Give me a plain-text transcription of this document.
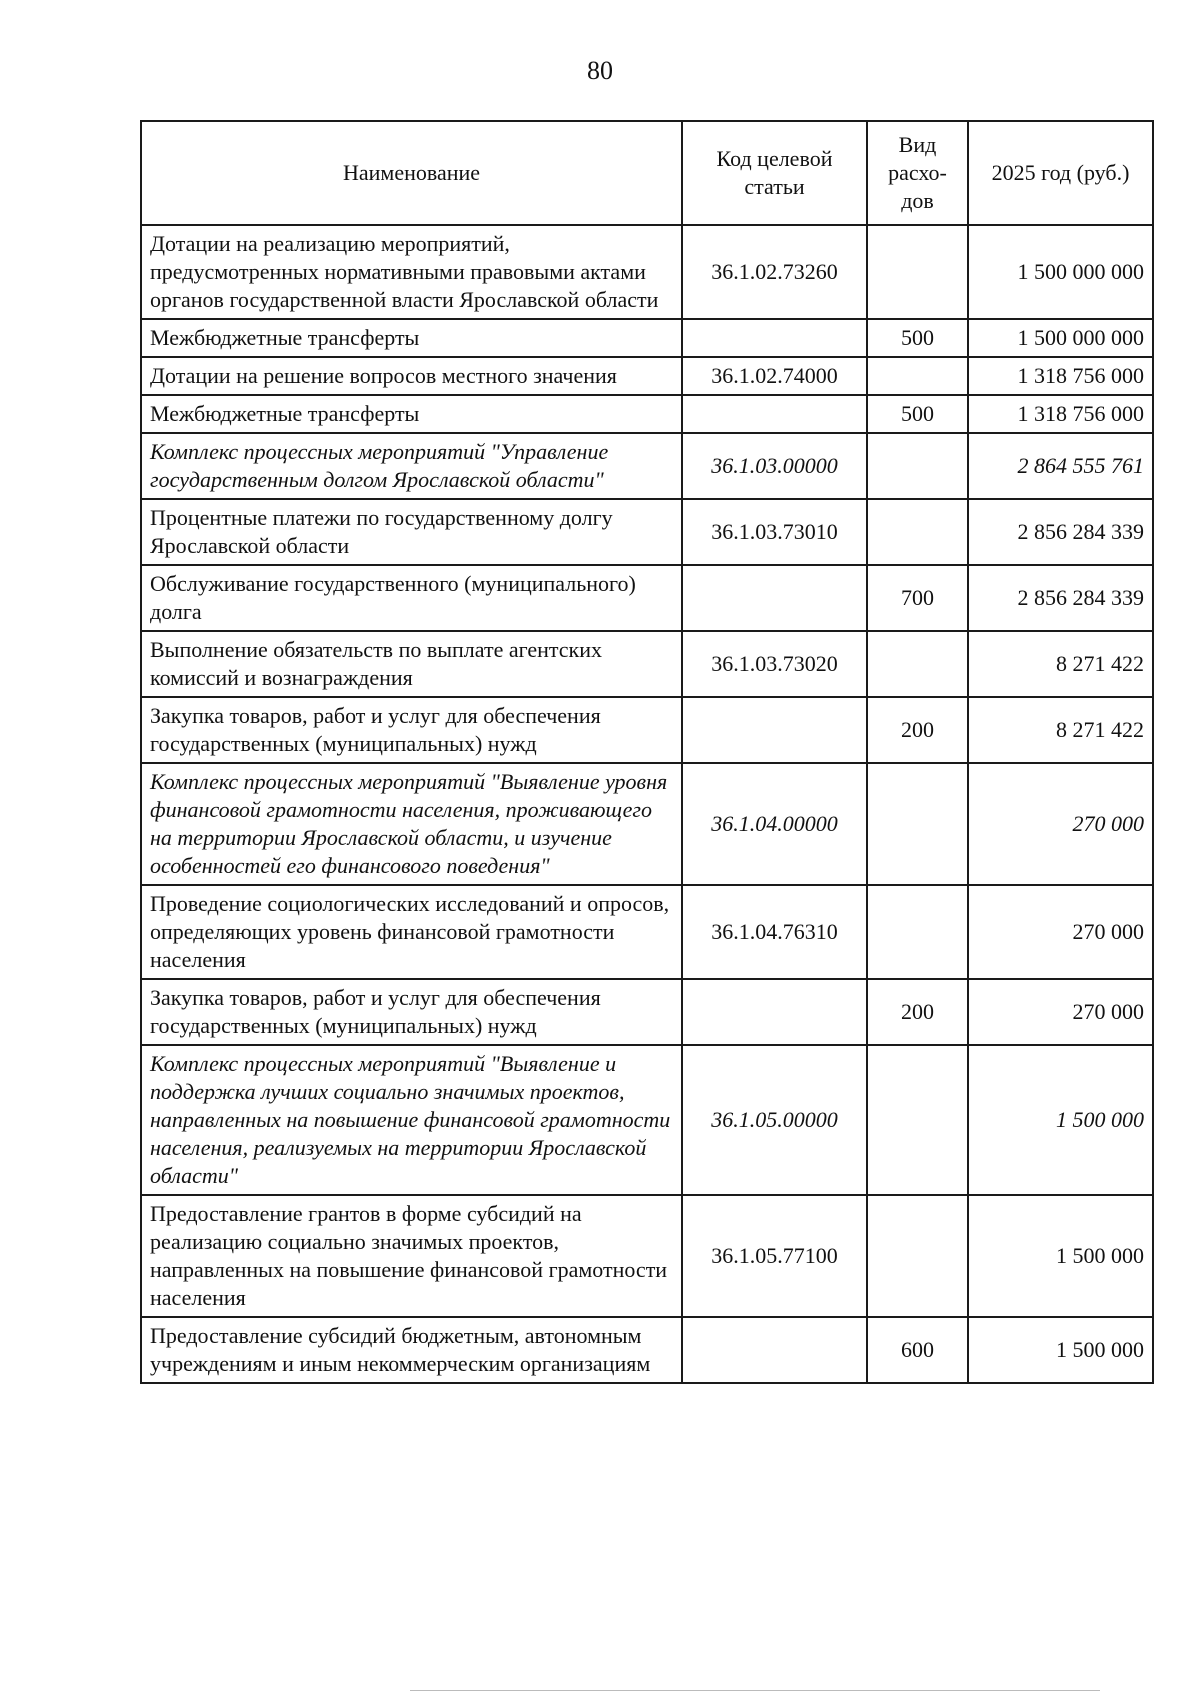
80
Наименование	Код целевой статьи	Вид расхо-дов	2025 год (руб.)
Дотации на реализацию мероприятий, предусмотренных нормативными правовыми актами органов государственной власти Ярославской области	36.1.02.73260		1 500 000 000
Межбюджетные трансферты		500	1 500 000 000
Дотации на решение вопросов местного значения	36.1.02.74000		1 318 756 000
Межбюджетные трансферты		500	1 318 756 000
Комплекс процессных мероприятий "Управление государственным долгом Ярославской области"	36.1.03.00000		2 864 555 761
Процентные платежи по государственному долгу Ярославской области	36.1.03.73010		2 856 284 339
Обслуживание государственного (муниципального) долга		700	2 856 284 339
Выполнение обязательств по выплате агентских комиссий и вознаграждения	36.1.03.73020		8 271 422
Закупка товаров, работ и услуг для обеспечения государственных (муниципальных) нужд		200	8 271 422
Комплекс процессных мероприятий "Выявление уровня финансовой грамотности населения, проживающего на территории Ярославской области, и изучение особенностей его финансового поведения"	36.1.04.00000		270 000
Проведение социологических исследований и опросов, определяющих уровень финансовой грамотности населения	36.1.04.76310		270 000
Закупка товаров, работ и услуг для обеспечения государственных (муниципальных) нужд		200	270 000
Комплекс процессных мероприятий "Выявление и поддержка лучших социально значимых проектов, направленных на повышение финансовой грамотности населения, реализуемых на территории Ярославской области"	36.1.05.00000		1 500 000
Предоставление грантов в форме субсидий на реализацию социально значимых проектов, направленных на повышение финансовой грамотности населения	36.1.05.77100		1 500 000
Предоставление субсидий бюджетным, автономным учреждениям и иным некоммерческим организациям		600	1 500 000
